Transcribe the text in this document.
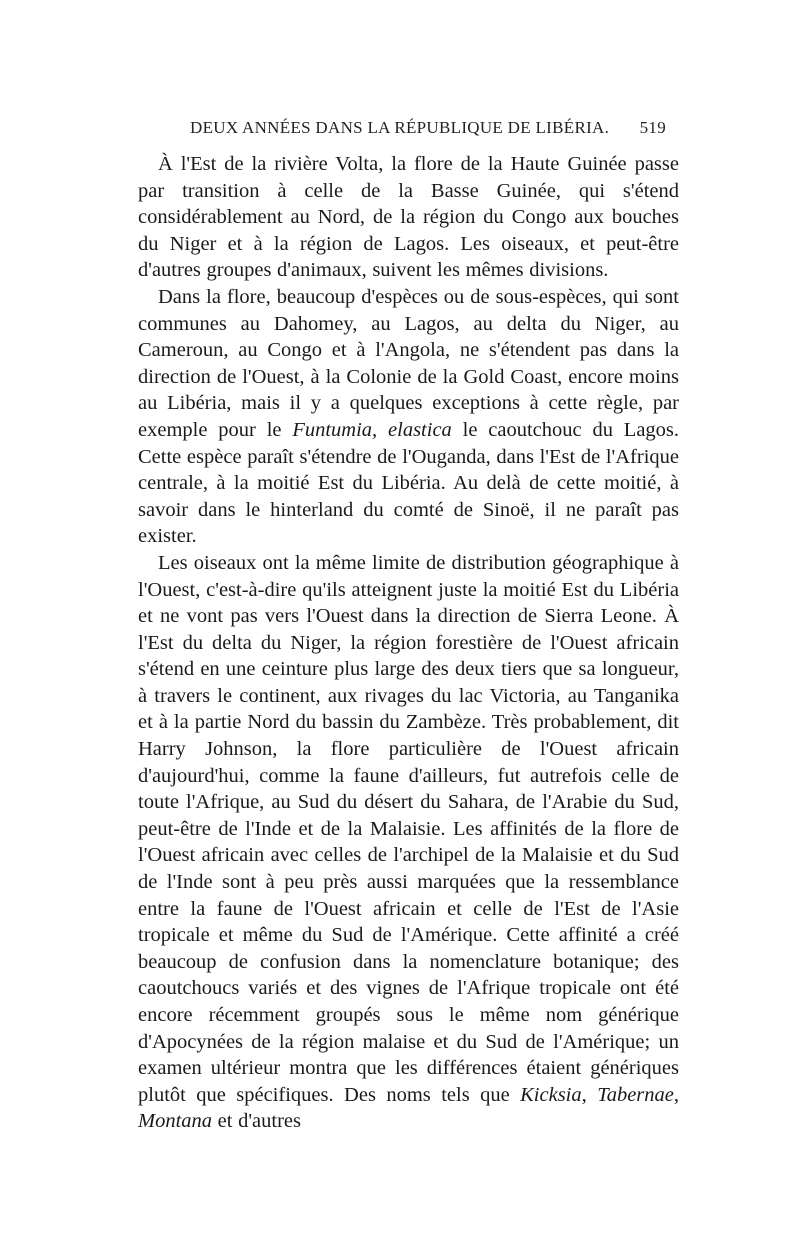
DEUX ANNÉES DANS LA RÉPUBLIQUE DE LIBÉRIA. 519

À l'Est de la rivière Volta, la flore de la Haute Guinée passe par transition à celle de la Basse Guinée, qui s'étend considérablement au Nord, de la région du Congo aux bouches du Niger et à la région de Lagos. Les oiseaux, et peut-être d'autres groupes d'animaux, suivent les mêmes divisions.

Dans la flore, beaucoup d'espèces ou de sous-espèces, qui sont communes au Dahomey, au Lagos, au delta du Niger, au Cameroun, au Congo et à l'Angola, ne s'étendent pas dans la direction de l'Ouest, à la Colonie de la Gold Coast, encore moins au Libéria, mais il y a quelques exceptions à cette règle, par exemple pour le Funtumia, elastica le caoutchouc du Lagos. Cette espèce paraît s'étendre de l'Ouganda, dans l'Est de l'Afrique centrale, à la moitié Est du Libéria. Au delà de cette moitié, à savoir dans le hinterland du comté de Sinoë, il ne paraît pas exister.

Les oiseaux ont la même limite de distribution géographique à l'Ouest, c'est-à-dire qu'ils atteignent juste la moitié Est du Libéria et ne vont pas vers l'Ouest dans la direction de Sierra Leone. À l'Est du delta du Niger, la région forestière de l'Ouest africain s'étend en une ceinture plus large des deux tiers que sa longueur, à travers le continent, aux rivages du lac Victoria, au Tanganika et à la partie Nord du bassin du Zambèze. Très probablement, dit Harry Johnson, la flore particulière de l'Ouest africain d'aujourd'hui, comme la faune d'ailleurs, fut autrefois celle de toute l'Afrique, au Sud du désert du Sahara, de l'Arabie du Sud, peut-être de l'Inde et de la Malaisie. Les affinités de la flore de l'Ouest africain avec celles de l'archipel de la Malaisie et du Sud de l'Inde sont à peu près aussi marquées que la ressemblance entre la faune de l'Ouest africain et celle de l'Est de l'Asie tropicale et même du Sud de l'Amérique. Cette affinité a créé beaucoup de confusion dans la nomenclature botanique; des caoutchoucs variés et des vignes de l'Afrique tropicale ont été encore récemment groupés sous le même nom générique d'Apocynées de la région malaise et du Sud de l'Amérique; un examen ultérieur montra que les différences étaient génériques plutôt que spécifiques. Des noms tels que Kicksia, Tabernae, Montana et d'autres
